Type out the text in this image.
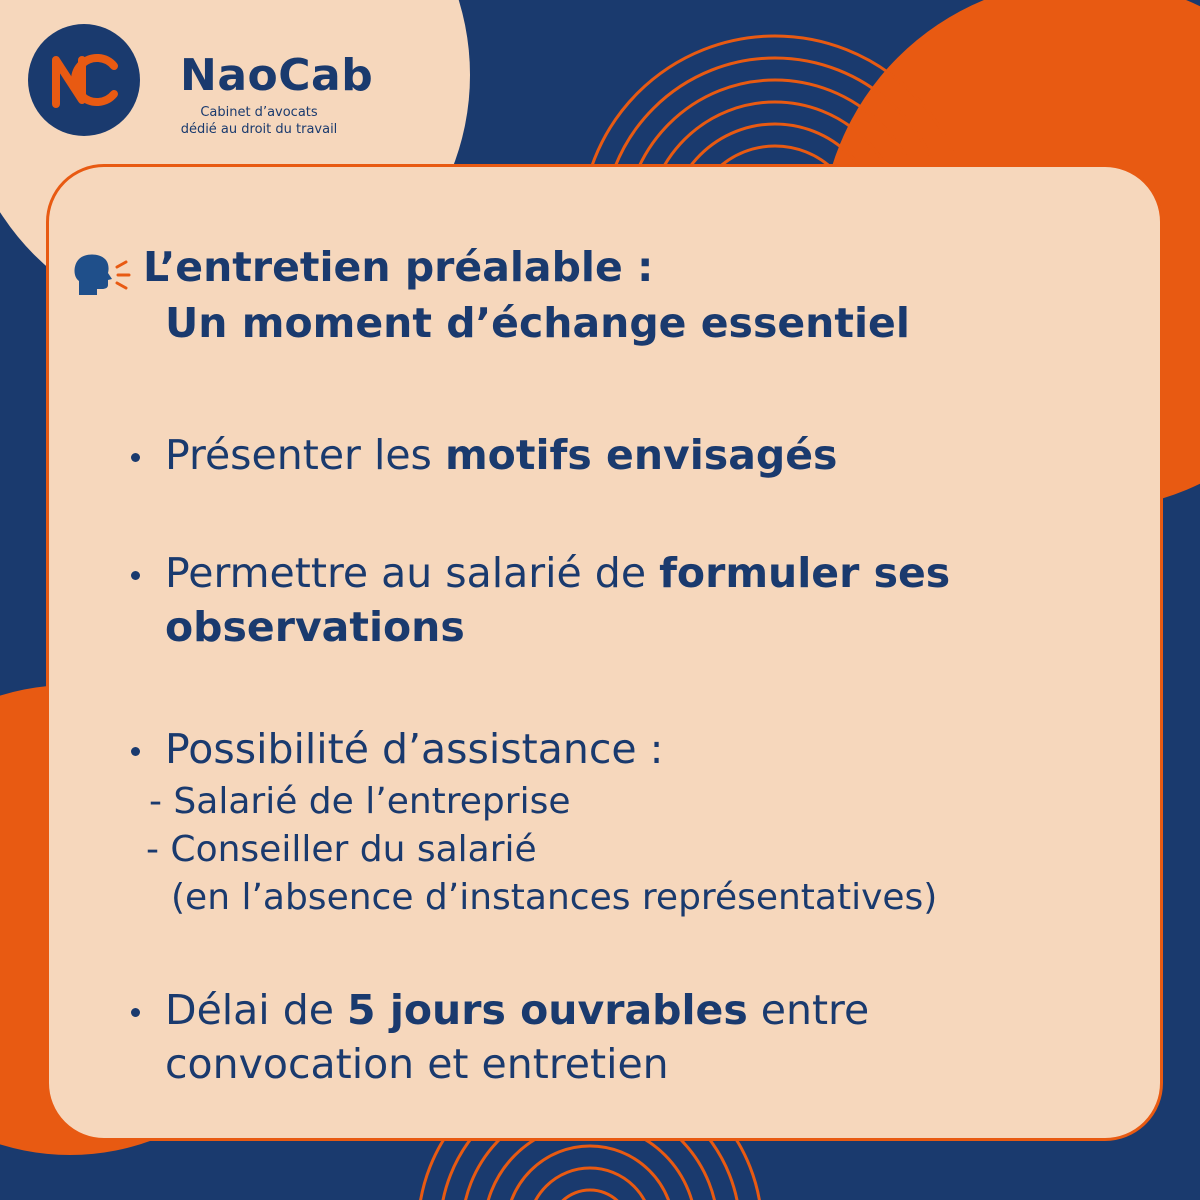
NaoCab
Cabinet d’avocats
dédié au droit du travail
L’entretien préalable :
Un moment d’échange essentiel
Présenter les motifs envisagés
Permettre au salarié de formuler ses
observations
Possibilité d’assistance :
- Salarié de l’entreprise
- Conseiller du salarié
(en l’absence d’instances représentatives)
Délai de 5 jours ouvrables entre
convocation et entretien
